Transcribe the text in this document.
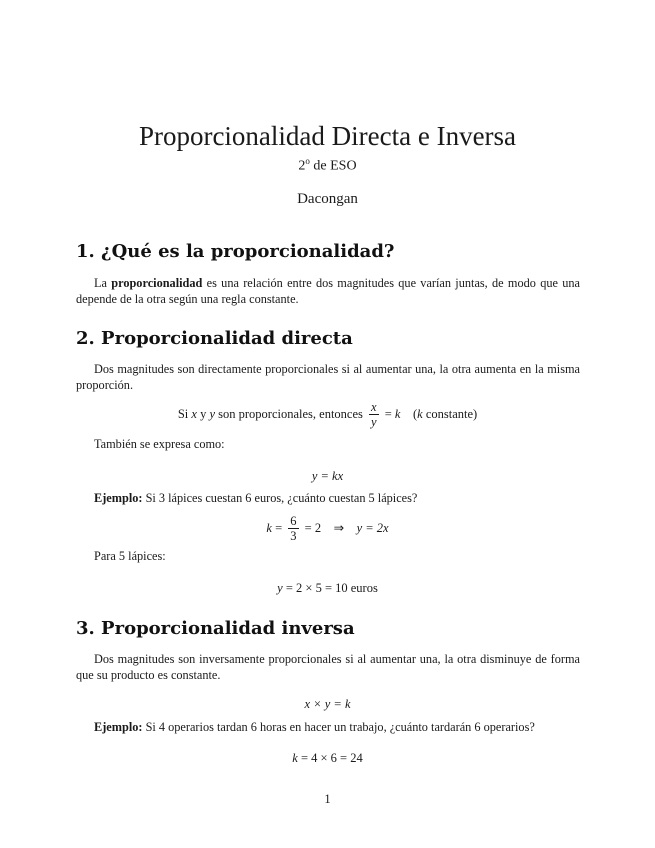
Proporcionalidad Directa e Inversa
2$^o$ de ESO
Dacongan
1. ¿Qué es la proporcionalidad?
La proporcionalidad es una relación entre dos magnitudes que varían juntas, de modo que una depende de la otra según una regla constante.
2. Proporcionalidad directa
Dos magnitudes son directamente proporcionales si al aumentar una, la otra aumenta en la misma proporción.
Si x y y son proporcionales, entonces $\frac{x}{y} = k$ (k constante)
También se expresa como:
y = kx
Ejemplo: Si 3 lápices cuestan 6 euros, ¿cuánto cuestan 5 lápices?
$k = \frac{6}{3} = 2$ ⇒ y = 2x
Para 5 lápices:
y = 2 × 5 = 10 euros
3. Proporcionalidad inversa
Dos magnitudes son inversamente proporcionales si al aumentar una, la otra disminuye de forma que su producto es constante.
x × y = k
Ejemplo: Si 4 operarios tardan 6 horas en hacer un trabajo, ¿cuánto tardarán 6 operarios?
k = 4 × 6 = 24
1
